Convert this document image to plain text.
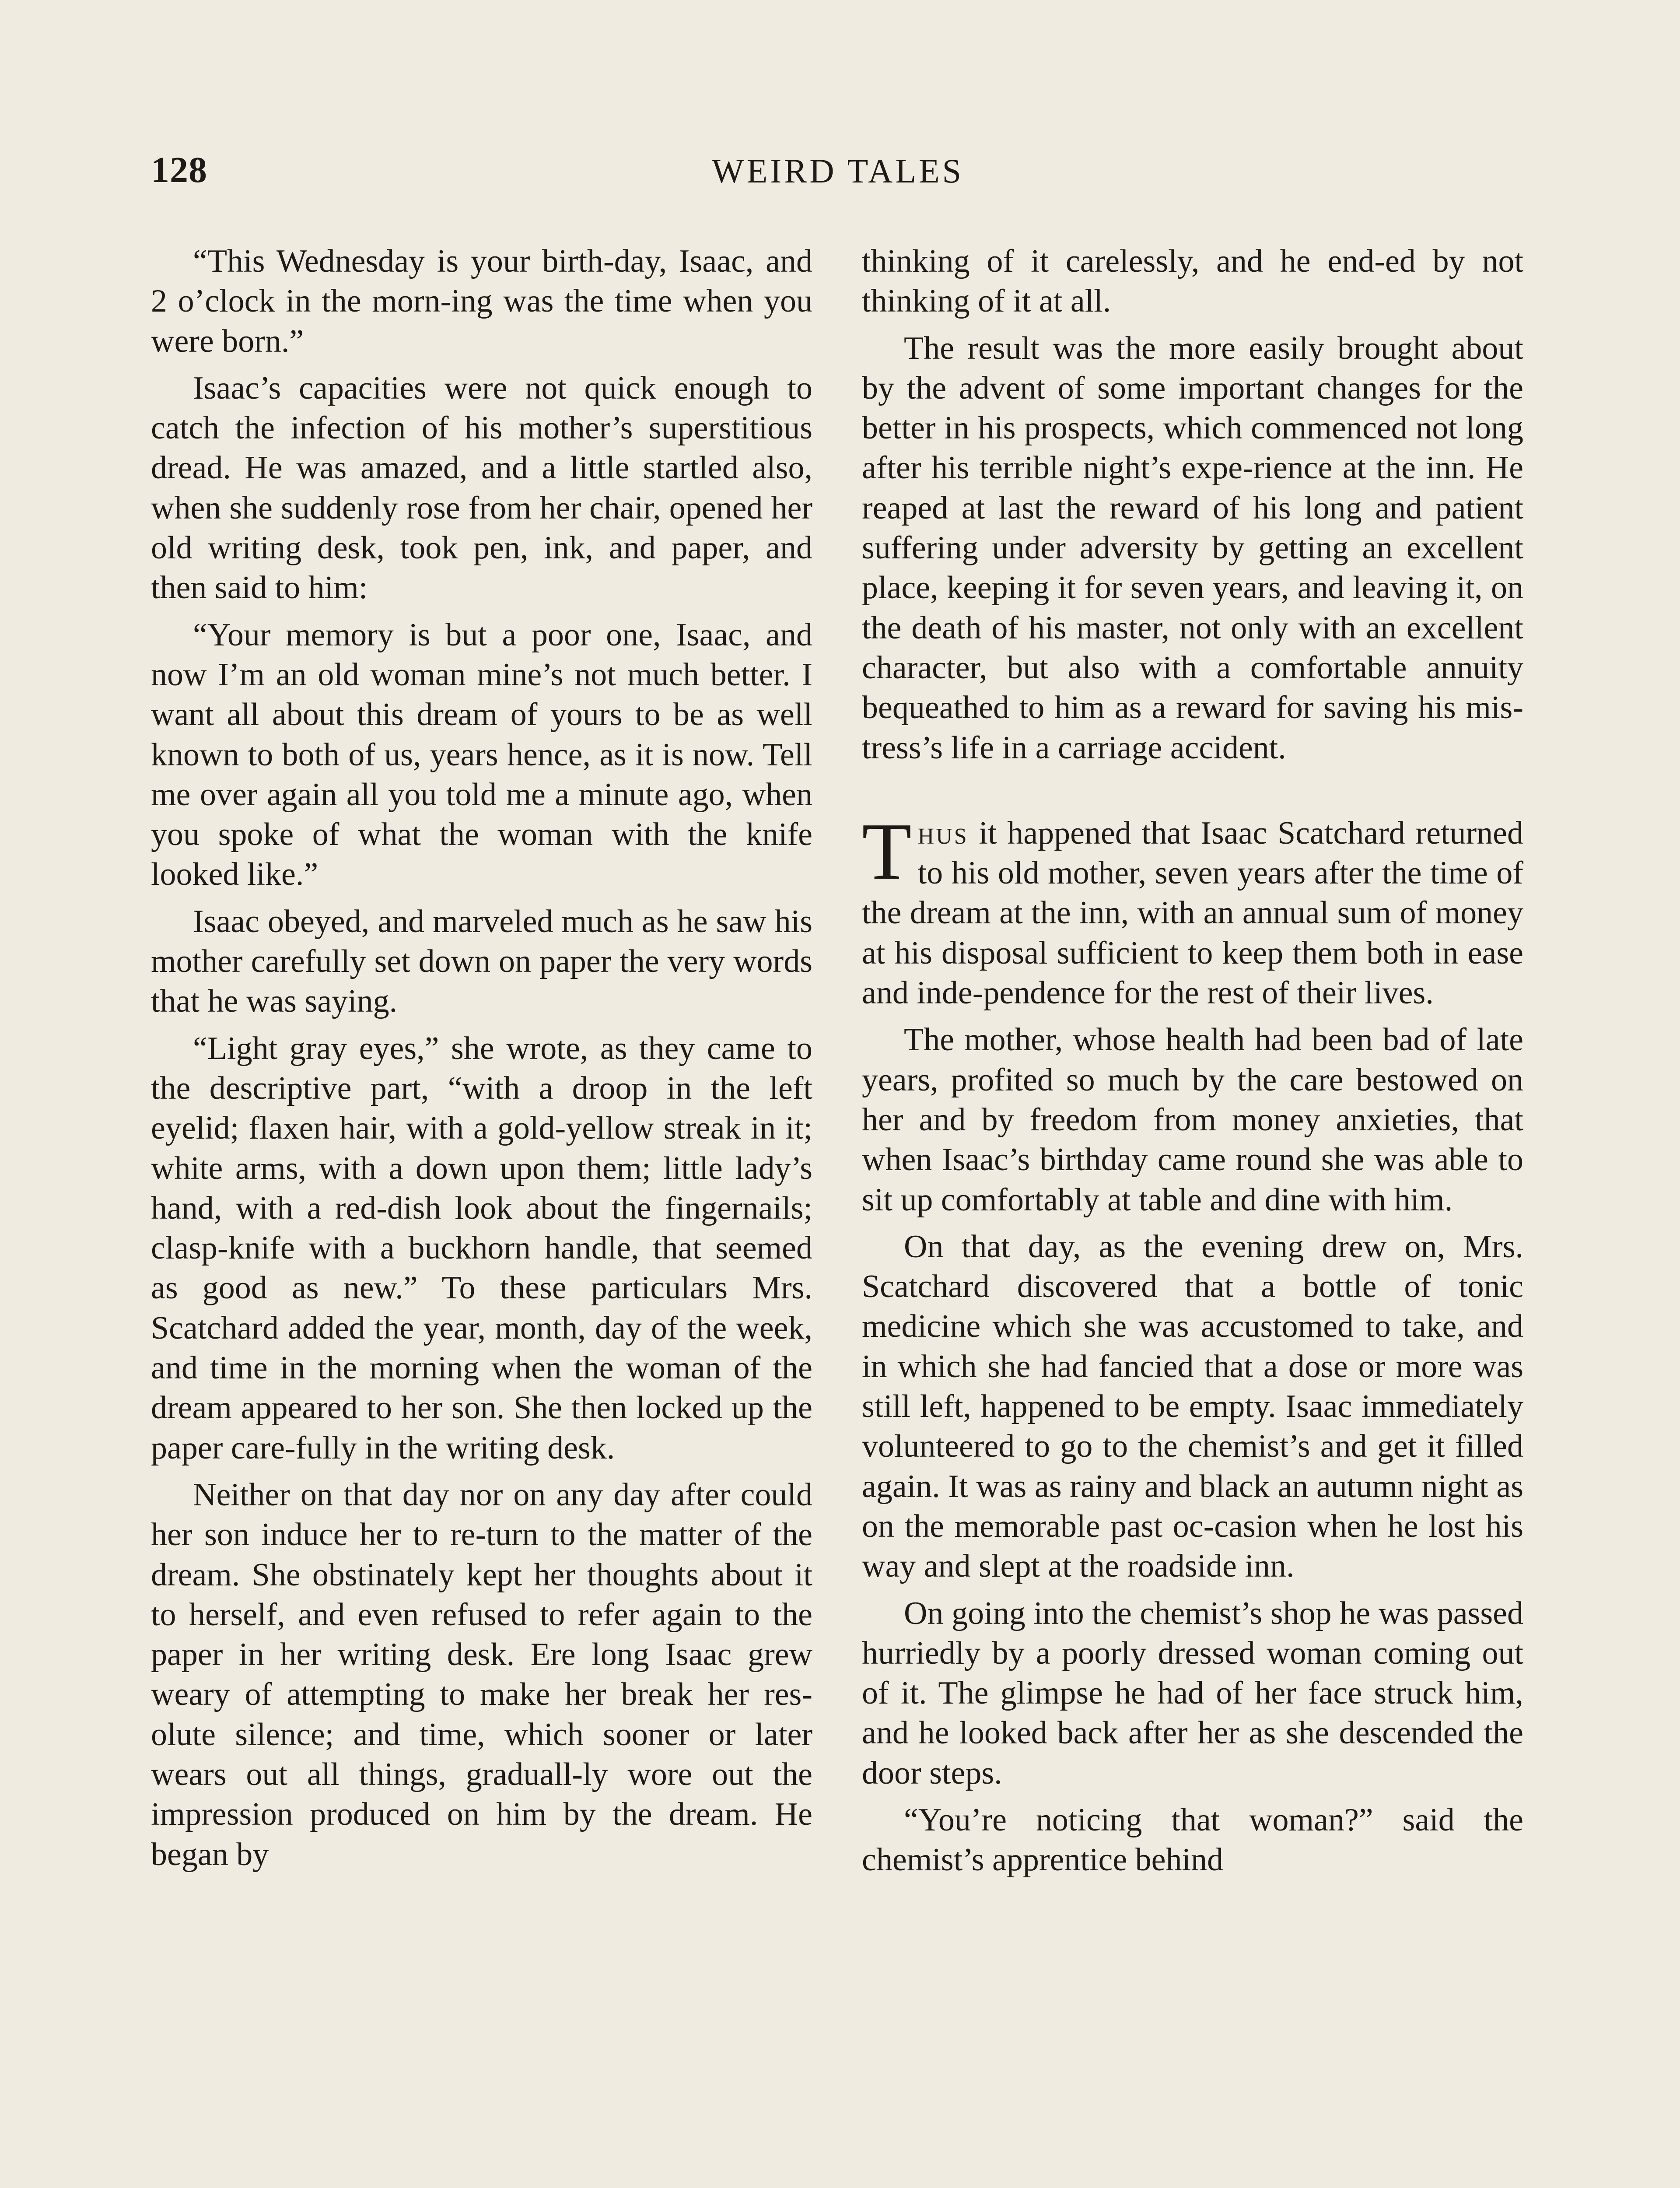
128	WEIRD TALES

“This Wednesday is your birth-day, Isaac, and 2 o’clock in the morn-ing was the time when you were born.”

Isaac’s capacities were not quick enough to catch the infection of his mother’s superstitious dread. He was amazed, and a little startled also, when she suddenly rose from her chair, opened her old writing desk, took pen, ink, and paper, and then said to him:

“Your memory is but a poor one, Isaac, and now I’m an old woman mine’s not much better. I want all about this dream of yours to be as well known to both of us, years hence, as it is now. Tell me over again all you told me a minute ago, when you spoke of what the woman with the knife looked like.”

Isaac obeyed, and marveled much as he saw his mother carefully set down on paper the very words that he was saying.

“Light gray eyes,” she wrote, as they came to the descriptive part, “with a droop in the left eyelid; flaxen hair, with a gold-yellow streak in it; white arms, with a down upon them; little lady’s hand, with a red-dish look about the fingernails; clasp-knife with a buckhorn handle, that seemed as good as new.” To these particulars Mrs. Scatchard added the year, month, day of the week, and time in the morning when the woman of the dream appeared to her son. She then locked up the paper care-fully in the writing desk.

Neither on that day nor on any day after could her son induce her to re-turn to the matter of the dream. She obstinately kept her thoughts about it to herself, and even refused to refer again to the paper in her writing desk. Ere long Isaac grew weary of attempting to make her break her res-olute silence; and time, which sooner or later wears out all things, graduall-ly wore out the impression produced on him by the dream. He began by

thinking of it carelessly, and he end-ed by not thinking of it at all.

The result was the more easily brought about by the advent of some important changes for the better in his prospects, which commenced not long after his terrible night’s expe-rience at the inn. He reaped at last the reward of his long and patient suffering under adversity by getting an excellent place, keeping it for seven years, and leaving it, on the death of his master, not only with an excellent character, but also with a comfortable annuity bequeathed to him as a reward for saving his mis-tress’s life in a carriage accident.

Thus it happened that Isaac Scatchard returned to his old mother, seven years after the time of the dream at the inn, with an annual sum of money at his disposal sufficient to keep them both in ease and inde-pendence for the rest of their lives.

The mother, whose health had been bad of late years, profited so much by the care bestowed on her and by freedom from money anxieties, that when Isaac’s birthday came round she was able to sit up comfortably at table and dine with him.

On that day, as the evening drew on, Mrs. Scatchard discovered that a bottle of tonic medicine which she was accustomed to take, and in which she had fancied that a dose or more was still left, happened to be empty. Isaac immediately volunteered to go to the chemist’s and get it filled again. It was as rainy and black an autumn night as on the memorable past oc-casion when he lost his way and slept at the roadside inn.

On going into the chemist’s shop he was passed hurriedly by a poorly dressed woman coming out of it. The glimpse he had of her face struck him, and he looked back after her as she descended the door steps.

“You’re noticing that woman?” said the chemist’s apprentice behind
